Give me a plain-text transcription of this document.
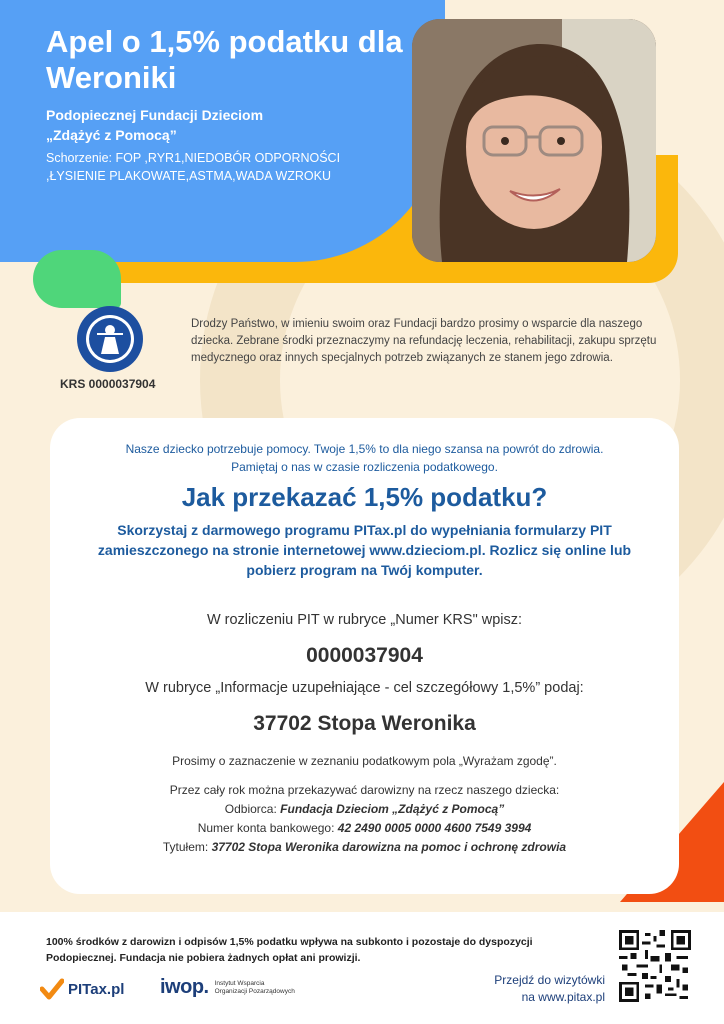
Apel o 1,5% podatku dla Weroniki
Podopiecznej Fundacji Dzieciom
„Zdążyć z Pomocą”
Schorzenie: FOP ,RYR1,NIEDOBÓR ODPORNOŚCI ,ŁYSIENIE PLAKOWATE,ASTMA,WADA WZROKU
KRS 0000037904
Drodzy Państwo, w imieniu swoim oraz Fundacji bardzo prosimy o wsparcie dla naszego dziecka. Zebrane środki przeznaczymy na refundację leczenia, rehabilitacji, zakupu sprzętu medycznego oraz innych specjalnych potrzeb związanych ze stanem jego zdrowia.
Nasze dziecko potrzebuje pomocy. Twoje 1,5% to dla niego szansa na powrót do zdrowia.
Pamiętaj o nas w czasie rozliczenia podatkowego.
Jak przekazać 1,5% podatku?
Skorzystaj z darmowego programu PITax.pl do wypełniania formularzy PIT zamieszczonego na stronie internetowej www.dzieciom.pl. Rozlicz się online lub pobierz program na Twój komputer.
W rozliczeniu PIT w rubryce „Numer KRS" wpisz:
0000037904
W rubryce „Informacje uzupełniające - cel szczegółowy 1,5%” podaj:
37702 Stopa Weronika
Prosimy o zaznaczenie w zeznaniu podatkowym pola „Wyrażam zgodę”.
Przez cały rok można przekazywać darowizny na rzecz naszego dziecka:
Odbiorca: Fundacja Dzieciom „Zdążyć z Pomocą”
Numer konta bankowego: 42 2490 0005 0000 4600 7549 3994
Tytułem: 37702 Stopa Weronika darowizna na pomoc i ochronę zdrowia
100% środków z darowizn i odpisów 1,5% podatku wpływa na subkonto i pozostaje do dyspozycji Podopiecznej. Fundacja nie pobiera żadnych opłat ani prowizji.
PITax.pl iwop. Instytut Wsparcia
Organizacji Pozarządowych
Przejdź do wizytówki
na www.pitax.pl
